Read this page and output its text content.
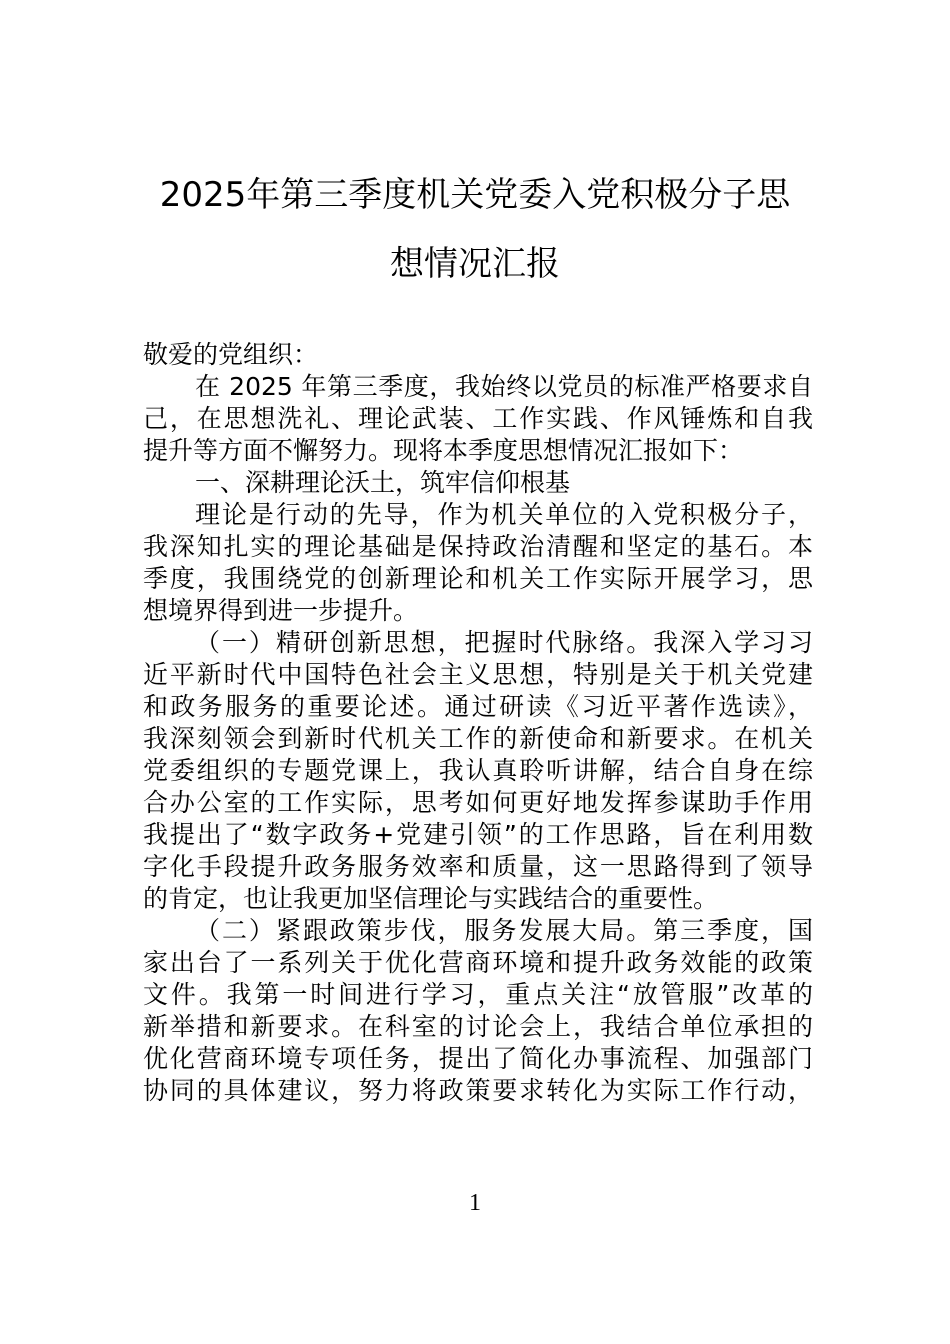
2025年第三季度机关党委入党积极分子思
想情况汇报
敬爱的党组织：
在 2025 年第三季度，我始终以党员的标准严格要求自
己，在思想洗礼、理论武装、工作实践、作风锤炼和自我
提升等方面不懈努力。现将本季度思想情况汇报如下：
一、深耕理论沃土，筑牢信仰根基
理论是行动的先导，作为机关单位的入党积极分子，
我深知扎实的理论基础是保持政治清醒和坚定的基石。本
季度，我围绕党的创新理论和机关工作实际开展学习，思
想境界得到进一步提升。
（一）精研创新思想，把握时代脉络。我深入学习习
近平新时代中国特色社会主义思想，特别是关于机关党建
和政务服务的重要论述。通过研读《习近平著作选读》，
我深刻领会到新时代机关工作的新使命和新要求。在机关
党委组织的专题党课上，我认真聆听讲解，结合自身在综
合办公室的工作实际，思考如何更好地发挥参谋助手作用
我提出了“数字政务+党建引领”的工作思路，旨在利用数
字化手段提升政务服务效率和质量，这一思路得到了领导
的肯定，也让我更加坚信理论与实践结合的重要性。
（二）紧跟政策步伐，服务发展大局。第三季度，国
家出台了一系列关于优化营商环境和提升政务效能的政策
文件。我第一时间进行学习，重点关注“放管服”改革的
新举措和新要求。在科室的讨论会上，我结合单位承担的
优化营商环境专项任务，提出了简化办事流程、加强部门
协同的具体建议，努力将政策要求转化为实际工作行动，
1
